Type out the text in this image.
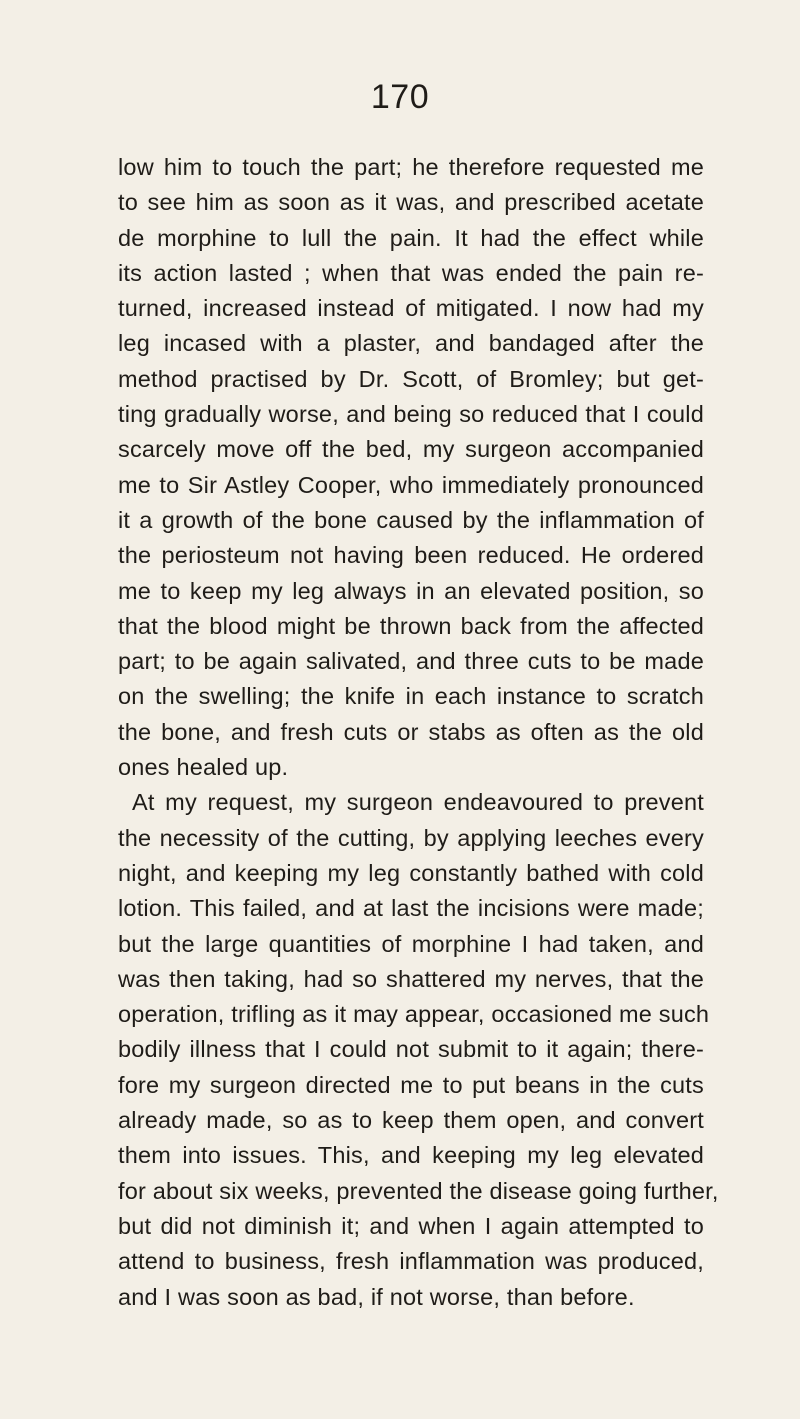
170
low him to touch the part; he therefore requested me
to see him as soon as it was, and prescribed acetate
de morphine to lull the pain. It had the effect while
its action lasted ; when that was ended the pain re-
turned, increased instead of mitigated. I now had my
leg incased with a plaster, and bandaged after the
method practised by Dr. Scott, of Bromley; but get-
ting gradually worse, and being so reduced that I could
scarcely move off the bed, my surgeon accompanied
me to Sir Astley Cooper, who immediately pronounced
it a growth of the bone caused by the inflammation of
the periosteum not having been reduced. He ordered
me to keep my leg always in an elevated position, so
that the blood might be thrown back from the affected
part; to be again salivated, and three cuts to be made
on the swelling; the knife in each instance to scratch
the bone, and fresh cuts or stabs as often as the old
ones healed up.
At my request, my surgeon endeavoured to prevent
the necessity of the cutting, by applying leeches every
night, and keeping my leg constantly bathed with cold
lotion. This failed, and at last the incisions were made;
but the large quantities of morphine I had taken, and
was then taking, had so shattered my nerves, that the
operation, trifling as it may appear, occasioned me such
bodily illness that I could not submit to it again; there-
fore my surgeon directed me to put beans in the cuts
already made, so as to keep them open, and convert
them into issues. This, and keeping my leg elevated
for about six weeks, prevented the disease going further,
but did not diminish it; and when I again attempted to
attend to business, fresh inflammation was produced,
and I was soon as bad, if not worse, than before.
